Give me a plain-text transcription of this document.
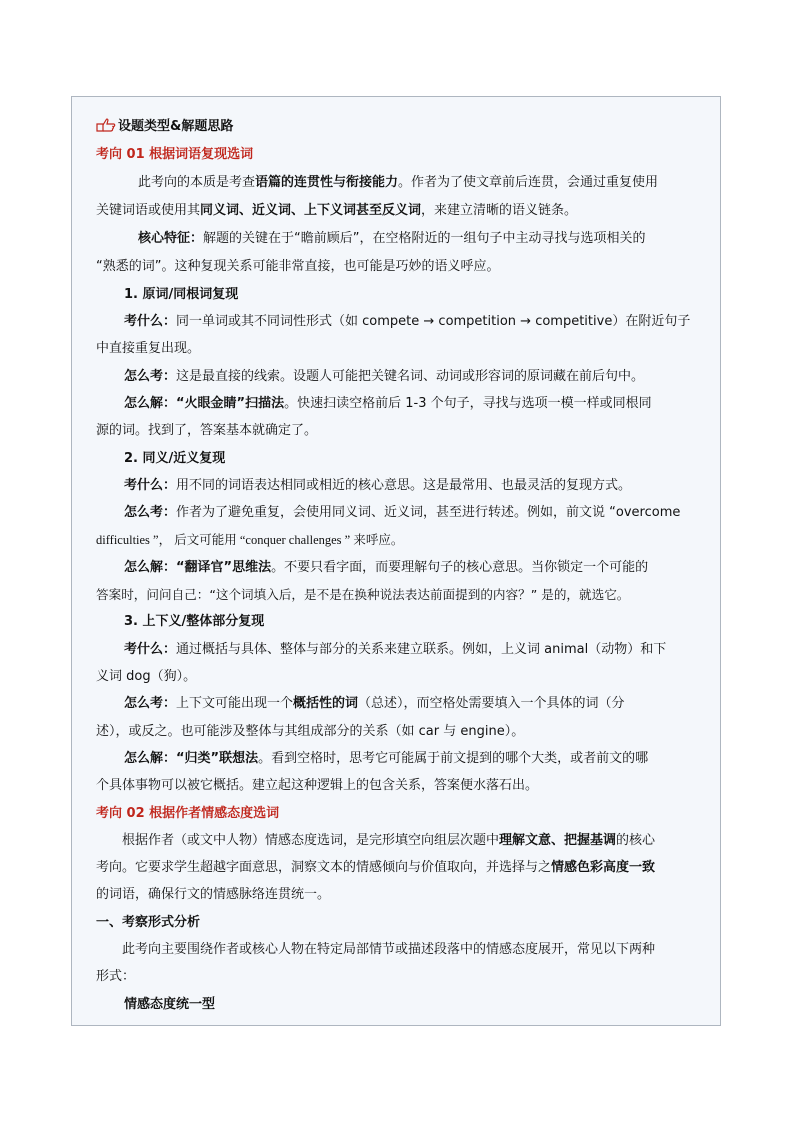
设题类型&解题思路
考向 01 根据词语复现选词
此考向的本质是考查语篇的连贯性与衔接能力。作者为了使文章前后连贯，会通过重复使用
关键词语或使用其同义词、近义词、上下义词甚至反义词，来建立清晰的语义链条。
核心特征：解题的关键在于“瞻前顾后”，在空格附近的一组句子中主动寻找与选项相关的
“熟悉的词”。这种复现关系可能非常直接，也可能是巧妙的语义呼应。
1. 原词/同根词复现
考什么：同一单词或其不同词性形式（如 compete → competition → competitive）在附近句子
中直接重复出现。
怎么考：这是最直接的线索。设题人可能把关键名词、动词或形容词的原词藏在前后句中。
怎么解：“火眼金睛”扫描法。快速扫读空格前后 1-3 个句子，寻找与选项一模一样或同根同
源的词。找到了，答案基本就确定了。
2. 同义/近义复现
考什么：用不同的词语表达相同或相近的核心意思。这是最常用、也最灵活的复现方式。
怎么考：作者为了避免重复，会使用同义词、近义词，甚至进行转述。例如，前文说 “overcome
difficulties ”， 后文可能用 “conquer challenges ” 来呼应。
怎么解：“翻译官”思维法。不要只看字面，而要理解句子的核心意思。当你锁定一个可能的
答案时，问问自己：“这个词填入后，是不是在换种说法表达前面提到的内容？” 是的，就选它。
3. 上下义/整体部分复现
考什么：通过概括与具体、整体与部分的关系来建立联系。例如，上义词 animal（动物）和下
义词 dog（狗）。
怎么考：上下文可能出现一个概括性的词（总述），而空格处需要填入一个具体的词（分
述），或反之。也可能涉及整体与其组成部分的关系（如 car 与 engine）。
怎么解：“归类”联想法。看到空格时，思考它可能属于前文提到的哪个大类，或者前文的哪
个具体事物可以被它概括。建立起这种逻辑上的包含关系，答案便水落石出。
考向 02 根据作者情感态度选词
根据作者（或文中人物）情感态度选词，是完形填空向组层次题中理解文意、把握基调的核心
考向。它要求学生超越字面意思，洞察文本的情感倾向与价值取向，并选择与之情感色彩高度一致
的词语，确保行文的情感脉络连贯统一。
一、考察形式分析
此考向主要围绕作者或核心人物在特定局部情节或描述段落中的情感态度展开，常见以下两种
形式：
情感态度统一型
